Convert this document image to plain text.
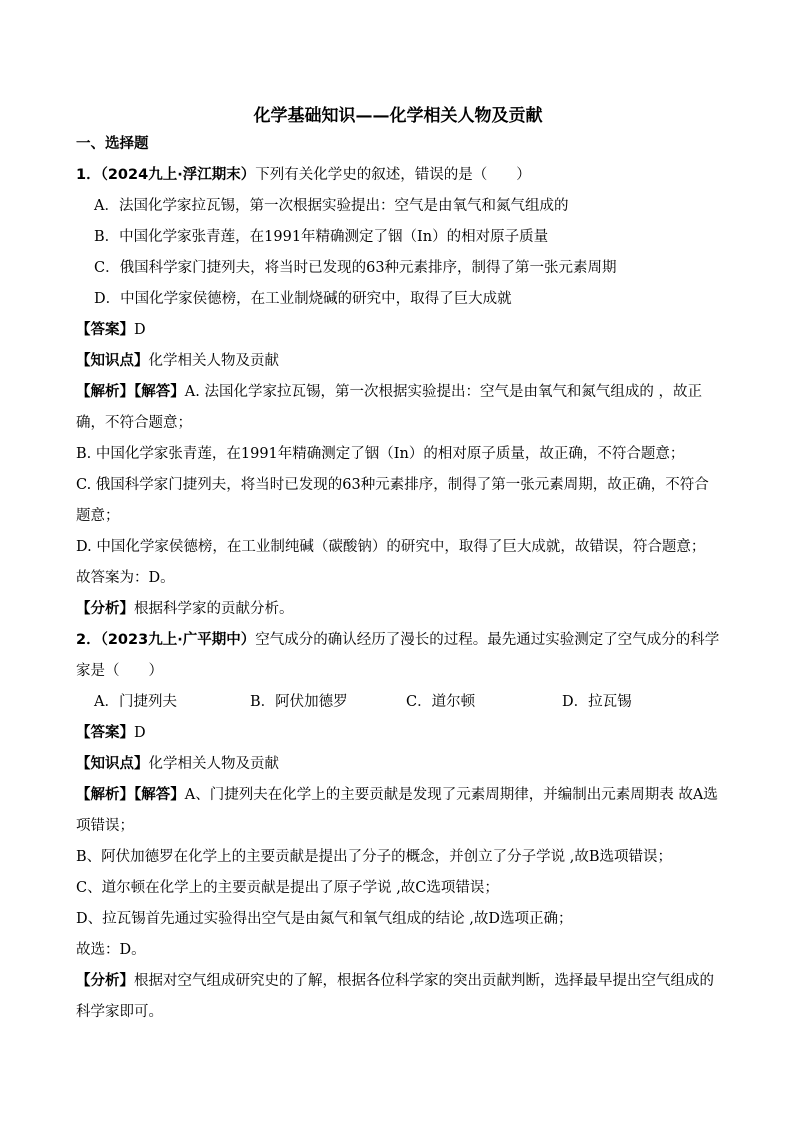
化学基础知识——化学相关人物及贡献
一、选择题
1．（2024九上·浮江期末）下列有关化学史的叙述，错误的是（　　）
A．法国化学家拉瓦锡，第一次根据实验提出：空气是由氧气和氮气组成的
B．中国化学家张青莲，在1991年精确测定了铟（In）的相对原子质量
C．俄国科学家门捷列夫，将当时已发现的63种元素排序，制得了第一张元素周期
D．中国化学家侯德榜，在工业制烧碱的研究中，取得了巨大成就
【答案】D
【知识点】化学相关人物及贡献
【解析】【解答】A. 法国化学家拉瓦锡，第一次根据实验提出：空气是由氧气和氮气组成的 ，故正确，不符合题意；
B. 中国化学家张青莲，在1991年精确测定了铟（In）的相对原子质量，故正确，不符合题意；
C. 俄国科学家门捷列夫，将当时已发现的63种元素排序，制得了第一张元素周期，故正确，不符合题意；
D. 中国化学家侯德榜，在工业制纯碱（碳酸钠）的研究中，取得了巨大成就，故错误，符合题意；
故答案为：D。
【分析】根据科学家的贡献分析。
2．（2023九上·广平期中）空气成分的确认经历了漫长的过程。最先通过实验测定了空气成分的科学家是（　　）
A．门捷列夫	B．阿伏加德罗	C．道尔顿	D．拉瓦锡
【答案】D
【知识点】化学相关人物及贡献
【解析】【解答】A、门捷列夫在化学上的主要贡献是发现了元素周期律，并编制出元素周期表 故A选项错误；
B、阿伏加德罗在化学上的主要贡献是提出了分子的概念，并创立了分子学说 ,故B选项错误；
C、道尔顿在化学上的主要贡献是提出了原子学说 ,故C选项错误；
D、拉瓦锡首先通过实验得出空气是由氮气和氧气组成的结论 ,故D选项正确；
故选：D。
【分析】根据对空气组成研究史的了解，根据各位科学家的突出贡献判断，选择最早提出空气组成的科学家即可。
